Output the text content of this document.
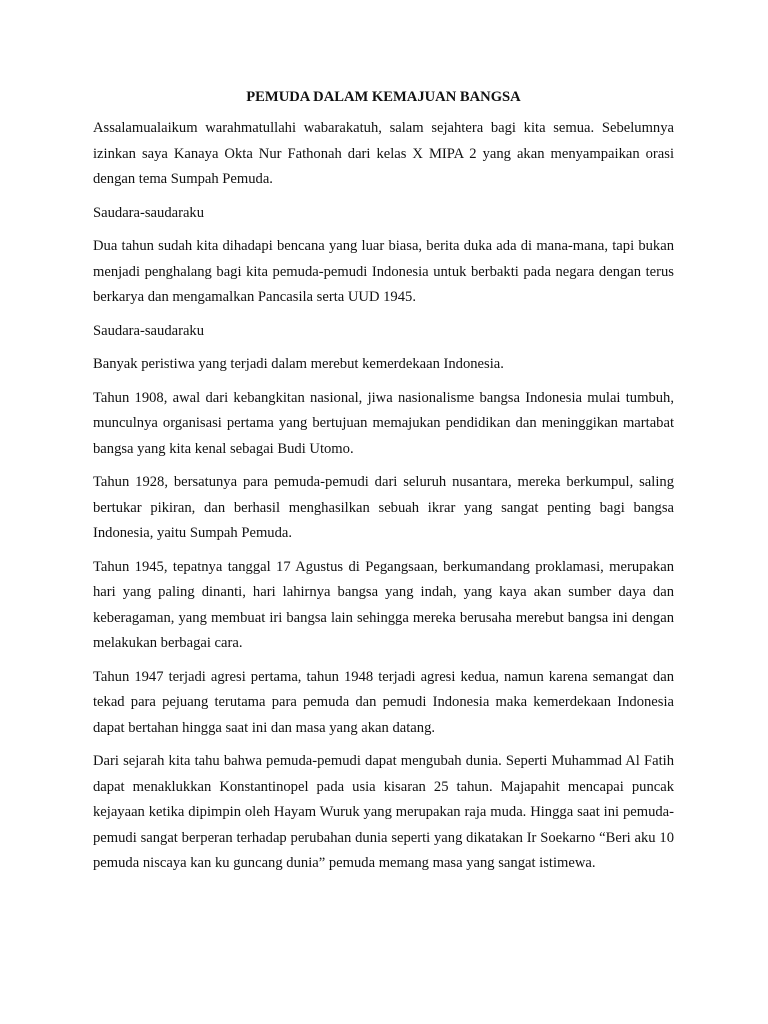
PEMUDA DALAM KEMAJUAN BANGSA

Assalamualaikum warahmatullahi wabarakatuh, salam sejahtera bagi kita semua. Sebelumnya izinkan saya Kanaya Okta Nur Fathonah dari kelas X MIPA 2 yang akan menyampaikan orasi dengan tema Sumpah Pemuda.

Saudara-saudaraku

Dua tahun sudah kita dihadapi bencana yang luar biasa, berita duka ada di mana-mana, tapi bukan menjadi penghalang bagi kita pemuda-pemudi Indonesia untuk berbakti pada negara dengan terus berkarya dan mengamalkan Pancasila serta UUD 1945.

Saudara-saudaraku

Banyak peristiwa yang terjadi dalam merebut kemerdekaan Indonesia.

Tahun 1908, awal dari kebangkitan nasional, jiwa nasionalisme bangsa Indonesia mulai tumbuh, munculnya organisasi pertama yang bertujuan memajukan pendidikan dan meninggikan martabat bangsa yang kita kenal sebagai Budi Utomo.

Tahun 1928, bersatunya para pemuda-pemudi dari seluruh nusantara, mereka berkumpul, saling bertukar pikiran, dan berhasil menghasilkan sebuah ikrar yang sangat penting bagi bangsa Indonesia, yaitu Sumpah Pemuda.

Tahun 1945, tepatnya tanggal 17 Agustus di Pegangsaan, berkumandang proklamasi, merupakan hari yang paling dinanti, hari lahirnya bangsa yang indah, yang kaya akan sumber daya dan keberagaman, yang membuat iri bangsa lain sehingga mereka berusaha merebut bangsa ini dengan melakukan berbagai cara.

Tahun 1947 terjadi agresi pertama, tahun 1948 terjadi agresi kedua, namun karena semangat dan tekad para pejuang terutama para pemuda dan pemudi Indonesia maka kemerdekaan Indonesia dapat bertahan hingga saat ini dan masa yang akan datang.

Dari sejarah kita tahu bahwa pemuda-pemudi dapat mengubah dunia. Seperti Muhammad Al Fatih dapat menaklukkan Konstantinopel pada usia kisaran 25 tahun. Majapahit mencapai puncak kejayaan ketika dipimpin oleh Hayam Wuruk yang merupakan raja muda. Hingga saat ini pemuda-pemudi sangat berperan terhadap perubahan dunia seperti yang dikatakan Ir Soekarno “Beri aku 10 pemuda niscaya kan ku guncang dunia” pemuda memang masa yang sangat istimewa.
